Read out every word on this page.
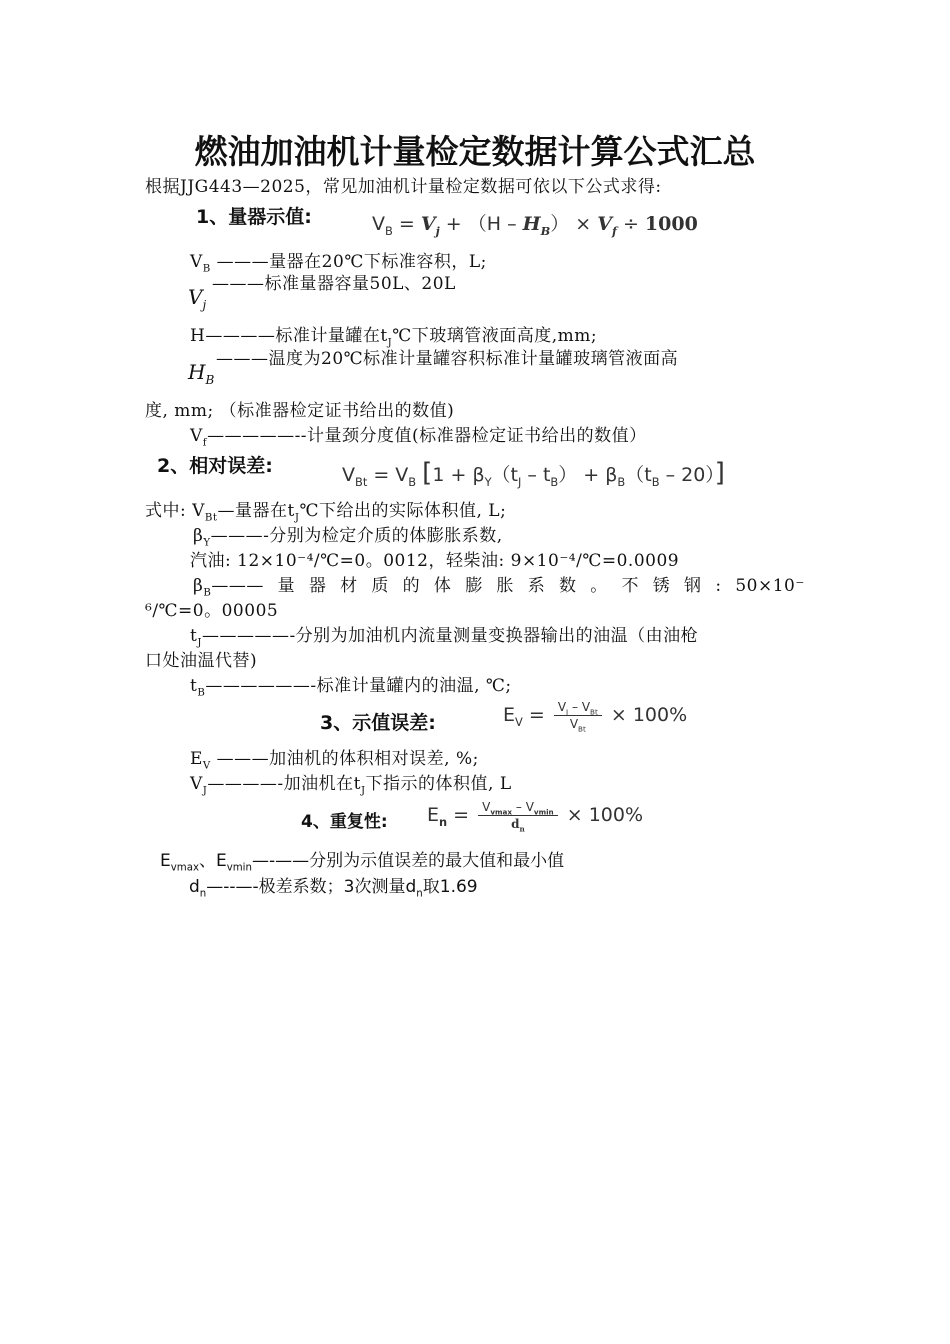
燃油加油机计量检定数据计算公式汇总
根据JJG443—2025，常见加油机计量检定数据可依以下公式求得:
1、量器示值:	$V_B = V_j + (H - H_B) \times V_f \div 1000$
$V_B$ ———量器在20℃下标准容积，L;
$V_j$
———标准量器容量50L、20L
H————标准计量罐在$t_J℃$下玻璃管液面高度,mm;
$H_B$
———温度为20℃标准计量罐容积标准计量罐玻璃管液面高
度, mm; （标准器检定证书给出的数值)
$V_f—————--$计量颈分度值(标准器检定证书给出的数值）
2、相对误差:	$V_{Bt} = V_B$ $[1 + \beta_Y(t_J - t_B) + \beta_B(t_B - 20)]$
式中: $V_{Bt}—$量器在$t_J℃$下给出的实际体积值, L;
$\beta_Y———-$分别为检定介质的体膨胀系数,
汽油: 12×10⁻⁴/℃=0。0012，轻柴油: 9×10⁻⁴/℃=0.0009
$\beta_B———$ 量 器 材 质 的 体 膨 胀 系 数 。 不 锈 钢 : 50×10⁻
⁶/℃=0。00005
$t_J—————-$分别为加油机内流量测量变换器输出的油温（由油枪
口处油温代替)
$t_B——————-$标准计量罐内的油温, ℃;
3、示值误差:	$E_V = \frac{V_J - V_{Bt}}{V_{Bt}} \times 100\%$
$E_V$ ———加油机的体积相对误差, %;
$V_J————-$加油机在$t_J$下指示的体积值, L
4、重复性: $E_n = \frac{V_{vmax} - V_{vmin}}{d_n} \times 100\%$
$E_{vmax}$、$E_{vmin}—-——$分别为示值误差的最大值和最小值
$d_n—--—-$极差系数；3次测量$d_n$取1.69
